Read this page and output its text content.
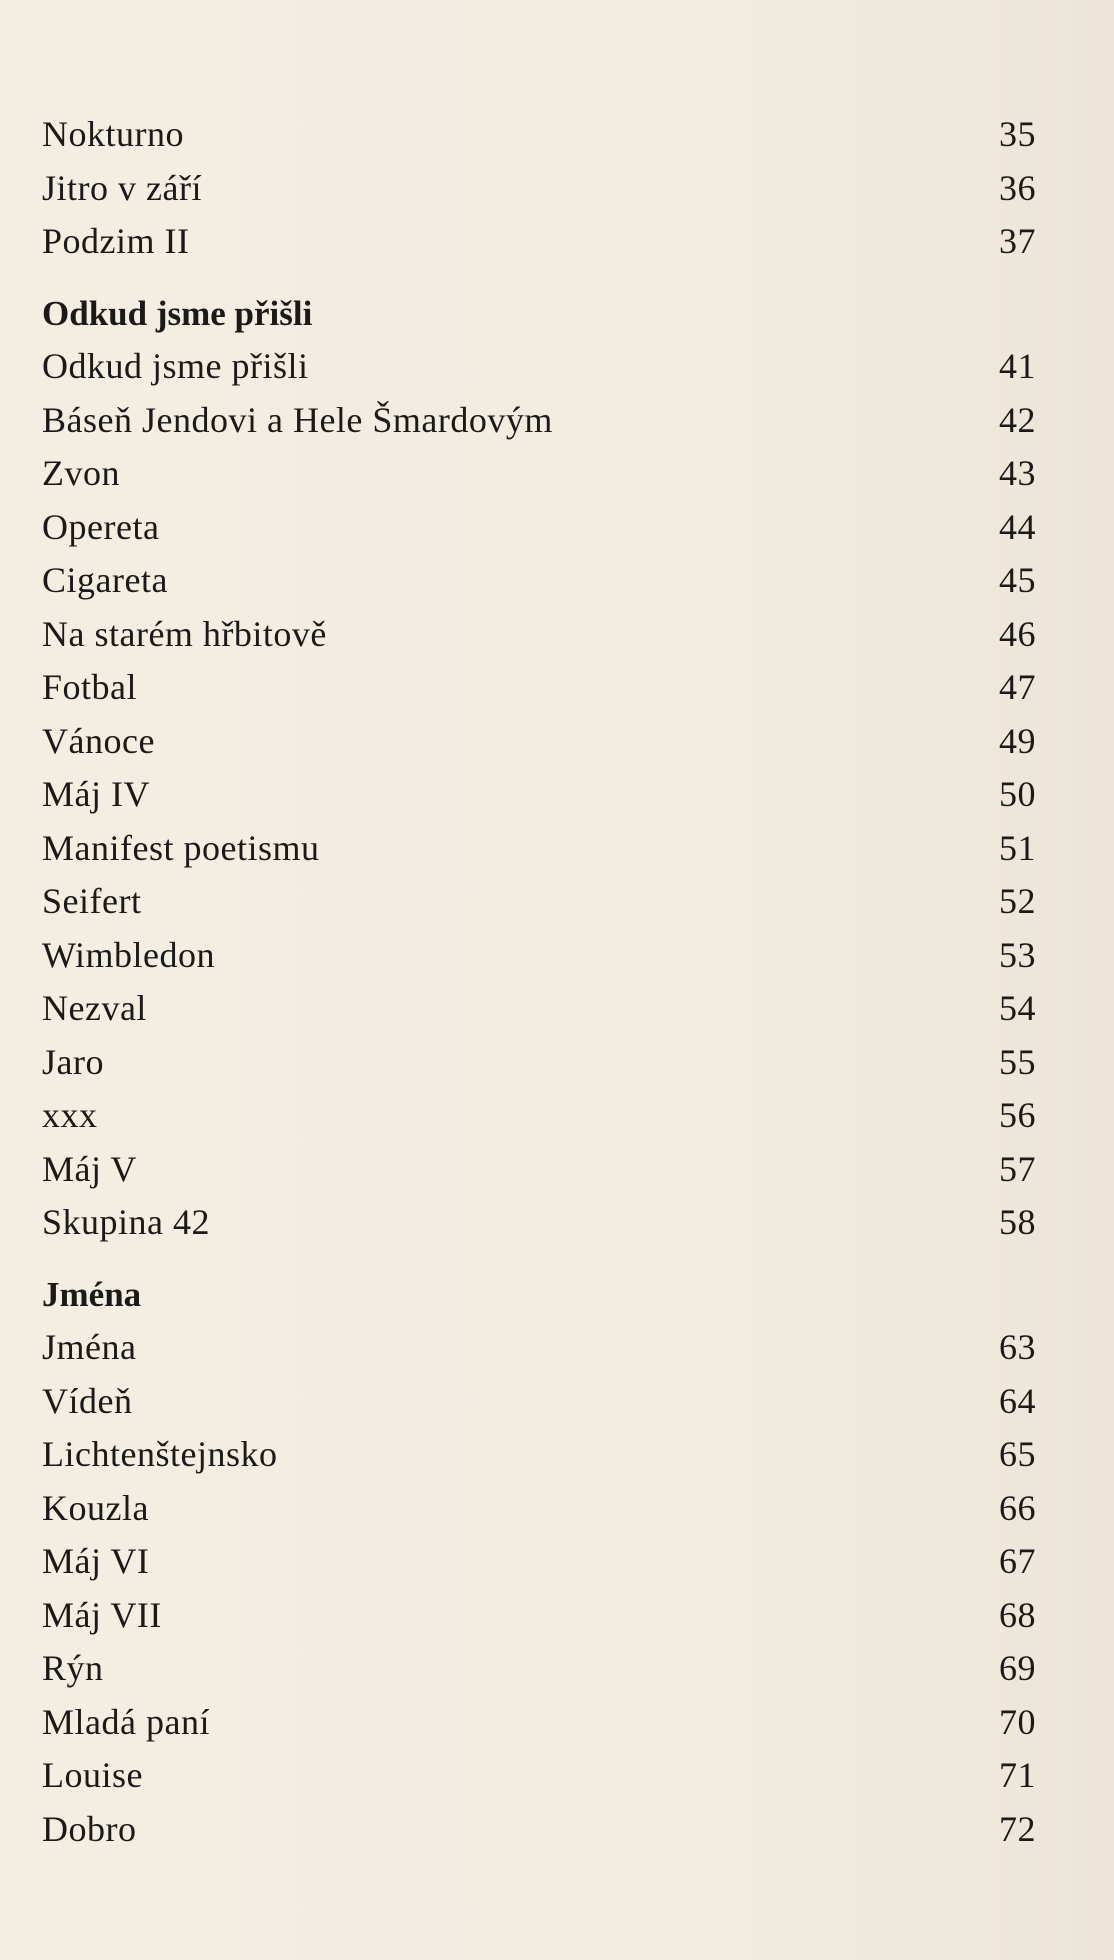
Nokturno	35
Jitro v září	36
Podzim II	37
Odkud jsme přišli
Odkud jsme přišli	41
Báseň Jendovi a Hele Šmardovým	42
Zvon	43
Opereta	44
Cigareta	45
Na starém hřbitově	46
Fotbal	47
Vánoce	49
Máj IV	50
Manifest poetismu	51
Seifert	52
Wimbledon	53
Nezval	54
Jaro	55
xxx	56
Máj V	57
Skupina 42	58
Jména
Jména	63
Vídeň	64
Lichtenštejnsko	65
Kouzla	66
Máj VI	67
Máj VII	68
Rýn	69
Mladá paní	70
Louise	71
Dobro	72
